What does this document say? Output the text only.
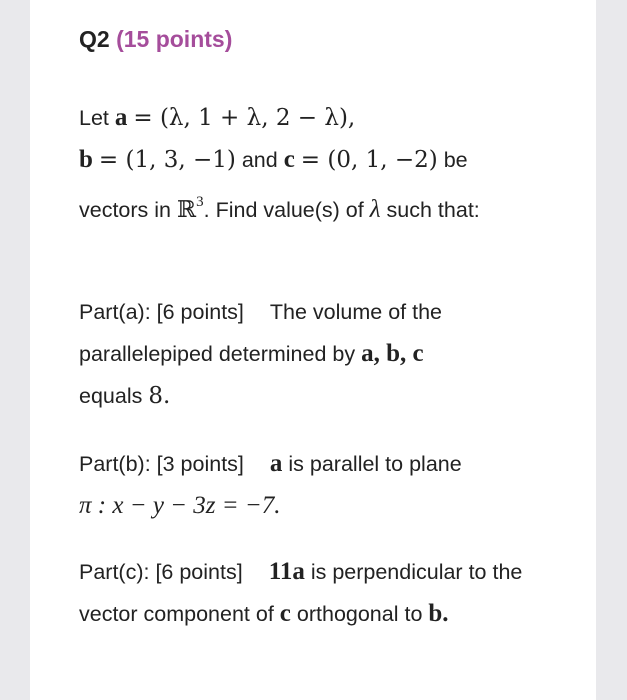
Q2 (15 points)

Let a = (λ, 1 + λ, 2 − λ),
b = (1, 3, −1) and c = (0, 1, −2) be
vectors in ℝ$^3$. Find value(s) of λ such that:

Part(a): [6 points] The volume of the parallelepiped determined by a, b, c
equals 8.

Part(b): [3 points] a is parallel to plane
π : x − y − 3z = −7.

Part(c): [6 points] 11a is perpendicular to the vector component of c orthogonal to b.
